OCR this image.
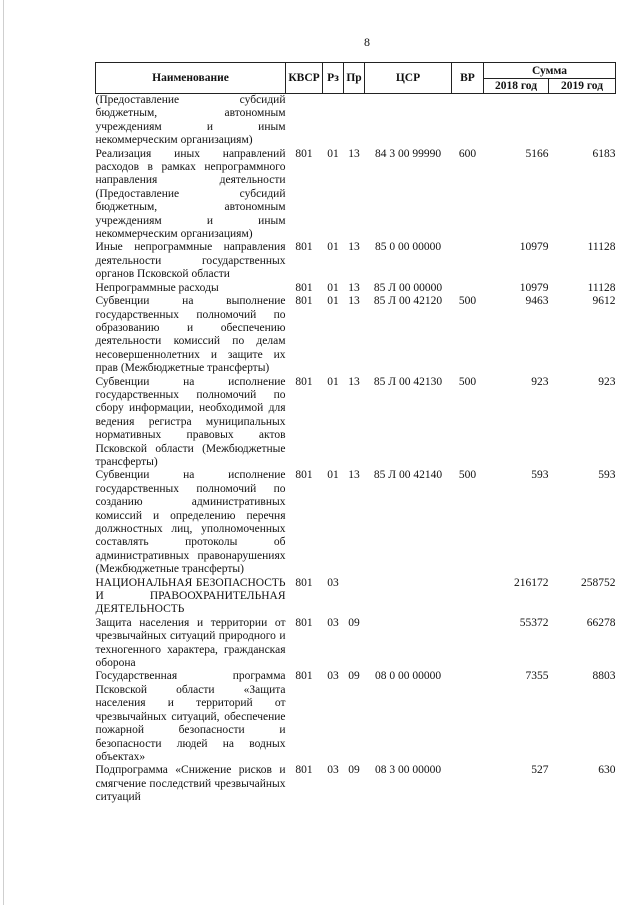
8
Наименование	КВСР	Рз	Пр	ЦСР	ВР	Сумма	
						2018 год	2019 год
(Предоставление субсидий бюджетным, автономным учреждениям и иным некоммерческим организациям)							
Реализация иных направлений расходов в рамках непрограммного направления деятельности (Предоставление субсидий бюджетным, автономным учреждениям и иным некоммерческим организациям)	801	01	13	84 3 00 99990	600	5166	6183
Иные непрограммные направления деятельности государственных органов Псковской области	801	01	13	85 0 00 00000		10979	11128
Непрограммные расходы	801	01	13	85 Л 00 00000		10979	11128
Субвенции на выполнение государственных полномочий по образованию и обеспечению деятельности комиссий по делам несовершеннолетних и защите их прав (Межбюджетные трансферты)	801	01	13	85 Л 00 42120	500	9463	9612
Субвенции на исполнение государственных полномочий по сбору информации, необходимой для ведения регистра муниципальных нормативных правовых актов Псковской области (Межбюджетные трансферты)	801	01	13	85 Л 00 42130	500	923	923
Субвенции на исполнение государственных полномочий по созданию административных комиссий и определению перечня должностных лиц, уполномоченных составлять протоколы об административных правонарушениях (Межбюджетные трансферты)	801	01	13	85 Л 00 42140	500	593	593
НАЦИОНАЛЬНАЯ БЕЗОПАСНОСТЬ И ПРАВООХРАНИТЕЛЬНАЯ ДЕЯТЕЛЬНОСТЬ	801	03				216172	258752
Защита населения и территории от чрезвычайных ситуаций природного и техногенного характера, гражданская оборона	801	03	09			55372	66278
Государственная программа Псковской области «Защита населения и территорий от чрезвычайных ситуаций, обеспечение пожарной безопасности и безопасности людей на водных объектах»	801	03	09	08 0 00 00000		7355	8803
Подпрограмма «Снижение рисков и смягчение последствий чрезвычайных ситуаций	801	03	09	08 3 00 00000		527	630
